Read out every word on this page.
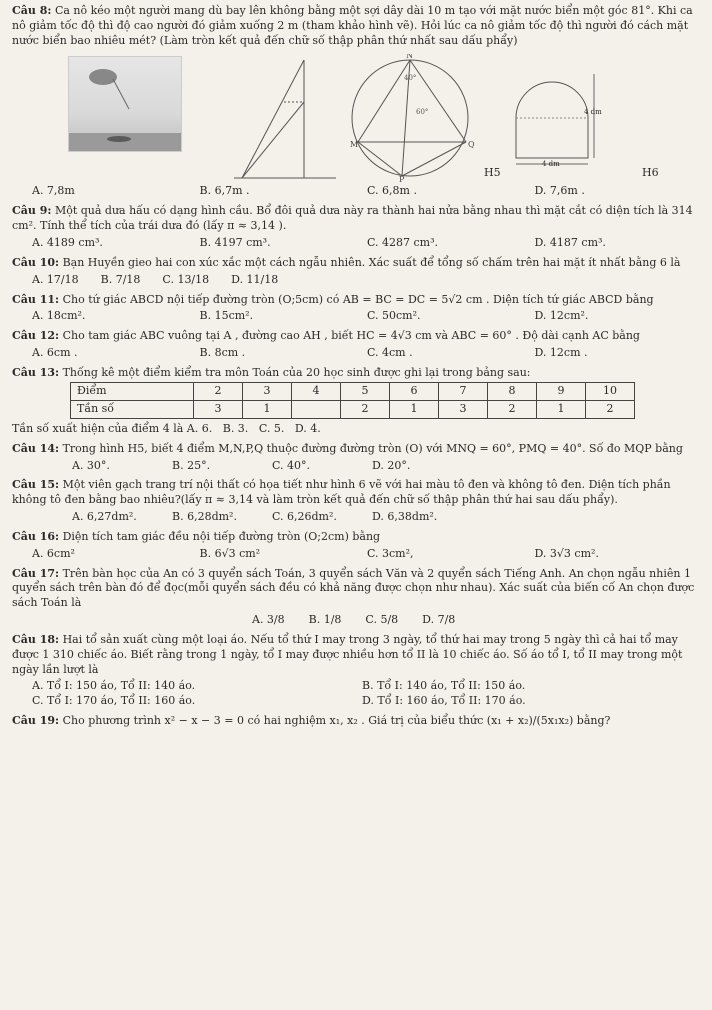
Câu 8: Ca nô kéo một người mang dù bay lên không bằng một sợi dây dài 10 m tạo với mặt nước biển một góc 81°. Khi ca nô giảm tốc độ thì độ cao người đó giảm xuống 2 m (tham khảo hình vẽ). Hỏi lúc ca nô giảm tốc độ thì người đó cách mặt nước biển bao nhiêu mét? (Làm tròn kết quả đến chữ số thập phân thứ nhất sau dấu phẩy)

40°
60°
M	Q
N
P
H5
4 dm
4 dm
H6
A. 7,8m	B. 6,7m .	C. 6,8m .	D. 7,6m .

Câu 9: Một quả dưa hấu có dạng hình cầu. Bổ đôi quả dưa này ra thành hai nửa bằng nhau thì mặt cắt có diện tích là 314 cm². Tính thể tích của trái dưa đó (lấy π ≈ 3,14 ).

A. 4189 cm³.	B. 4197 cm³.	C. 4287 cm³.	D. 4187 cm³.

Câu 10: Bạn Huyền gieo hai con xúc xắc một cách ngẫu nhiên. Xác suất để tổng số chấm trên hai mặt ít nhất bằng 6 là

A. 17/18 B. 7/18 C. 13/18 D. 11/18

Câu 11: Cho tứ giác ABCD nội tiếp đường tròn (O;5cm) có AB = BC = DC = 5√2 cm . Diện tích tứ giác ABCD bằng

A. 18cm².	B. 15cm².	C. 50cm².	D. 12cm².

Câu 12: Cho tam giác ABC vuông tại A , đường cao AH , biết HC = 4√3 cm và ABC = 60° . Độ dài cạnh AC bằng

A. 6cm .	B. 8cm .	C. 4cm .	D. 12cm .

Câu 13: Thống kê một điểm kiểm tra môn Toán của 20 học sinh được ghi lại trong bảng sau:

Điểm	2	3	4	5	6	7	8	9	10
Tần số	3	1		2	1	3	2	1	2

Tần số xuất hiện của điểm 4 là A. 6. B. 3. C. 5. D. 4.

Câu 14: Trong hình H5, biết 4 điểm M,N,P,Q thuộc đường đường tròn (O) với MNQ = 60°, PMQ = 40°. Số đo MQP bằng

A. 30°.	B. 25°.	C. 40°.	D. 20°.

Câu 15: Một viên gạch trang trí nội thất có họa tiết như hình 6 vẽ với hai màu tô đen và không tô đen. Diện tích phần không tô đen bằng bao nhiêu?(lấy π ≈ 3,14 và làm tròn kết quả đến chữ số thập phân thứ hai sau dấu phẩy).

A. 6,27dm².	B. 6,28dm².	C. 6,26dm².	D. 6,38dm².

Câu 16: Diện tích tam giác đều nội tiếp đường tròn (O;2cm) bằng

A. 6cm²	B. 6√3 cm²	C. 3cm²,	D. 3√3 cm².

Câu 17: Trên bàn học của An có 3 quyển sách Toán, 3 quyển sách Văn và 2 quyển sách Tiếng Anh. An chọn ngẫu nhiên 1 quyển sách trên bàn đó để đọc(mỗi quyển sách đều có khả năng được chọn như nhau). Xác suất của biến cố An chọn được sách Toán là

A. 3/8 B. 1/8 C. 5/8 D. 7/8

Câu 18: Hai tổ sản xuất cùng một loại áo. Nếu tổ thứ I may trong 3 ngày, tổ thứ hai may trong 5 ngày thì cả hai tổ may được 1 310 chiếc áo. Biết rằng trong 1 ngày, tổ I may được nhiều hơn tổ II là 10 chiếc áo. Số áo tổ I, tổ II may trong một ngày lần lượt là

A. Tổ I: 150 áo, Tổ II: 140 áo.	B. Tổ I: 140 áo, Tổ II: 150 áo.
C. Tổ I: 170 áo, Tổ II: 160 áo.	D. Tổ I: 160 áo, Tổ II: 170 áo.

Câu 19: Cho phương trình x² − x − 3 = 0 có hai nghiệm x₁, x₂ . Giá trị của biểu thức (x₁ + x₂)/(5x₁x₂) bằng?
